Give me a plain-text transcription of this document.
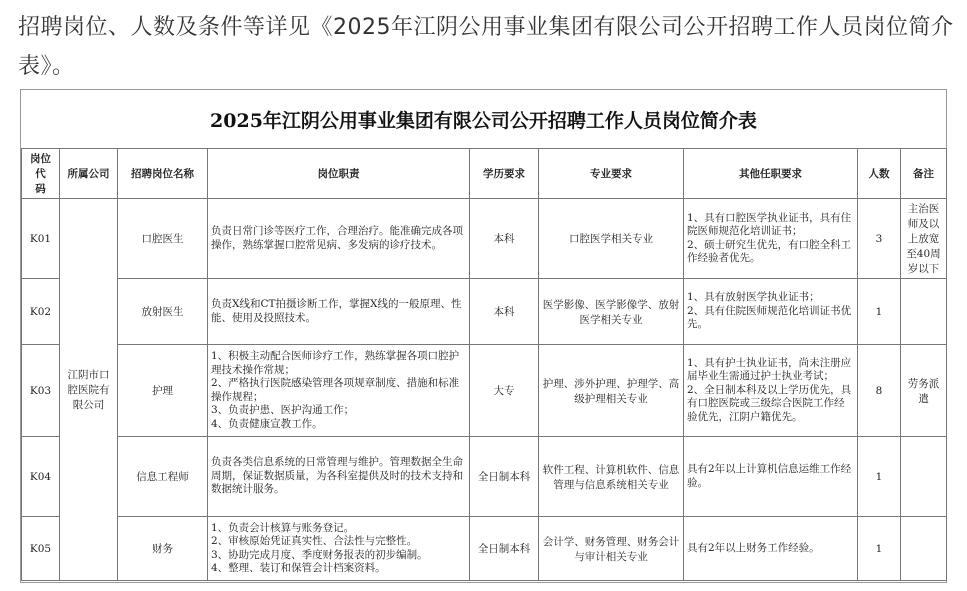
招聘岗位、人数及条件等详见《2025年江阴公用事业集团有限公司公开招聘工作人员岗位简介表》。
2025年江阴公用事业集团有限公司公开招聘工作人员岗位简介表
岗位代
码	所属公司	招聘岗位名称	岗位职责	学历要求	专业要求	其他任职要求	人数	备注
K01	江阴市口
腔医院有
限公司	口腔医生	负责日常门诊等医疗工作，合理治疗。能准确完成各项操作，熟练掌握口腔常见病、多发病的诊疗技术。	本科	口腔医学相关专业	1、具有口腔医学执业证书，具有住院医师规范化培训证书；
2、硕士研究生优先，有口腔全科工作经验者优先。	3	主治医师及以上放宽至40周岁以下
K02		放射医生	负责X线和CT拍摄诊断工作，掌握X线的一般原理、性能、使用及投照技术。	本科	医学影像、医学影像学、放射医学相关专业	1、具有放射医学执业证书；
2、具有住院医师规范化培训证书优先。	1	
K03		护理	1、积极主动配合医师诊疗工作，熟练掌握各项口腔护理技术操作常规；
2、严格执行医院感染管理各项规章制度、措施和标准操作规程；
3、负责护患、医护沟通工作；
4、负责健康宣教工作。	大专	护理、涉外护理、护理学、高级护理相关专业	1、具有护士执业证书，尚未注册应届毕业生需通过护士执业考试；
2、全日制本科及以上学历优先，具有口腔医院或三级综合医院工作经验优先，江阴户籍优先。	8	劳务派遣
K04		信息工程师	负责各类信息系统的日常管理与维护。管理数据全生命周期，保证数据质量，为各科室提供及时的技术支持和数据统计服务。	全日制本科	软件工程、计算机软件、信息管理与信息系统相关专业	具有2年以上计算机信息运维工作经验。	1	
K05		财务	1、负责会计核算与账务登记。
2、审核原始凭证真实性、合法性与完整性。
3、协助完成月度、季度财务报表的初步编制。
4、整理、装订和保管会计档案资料。	全日制本科	会计学、财务管理、财务会计与审计相关专业	具有2年以上财务工作经验。	1	
